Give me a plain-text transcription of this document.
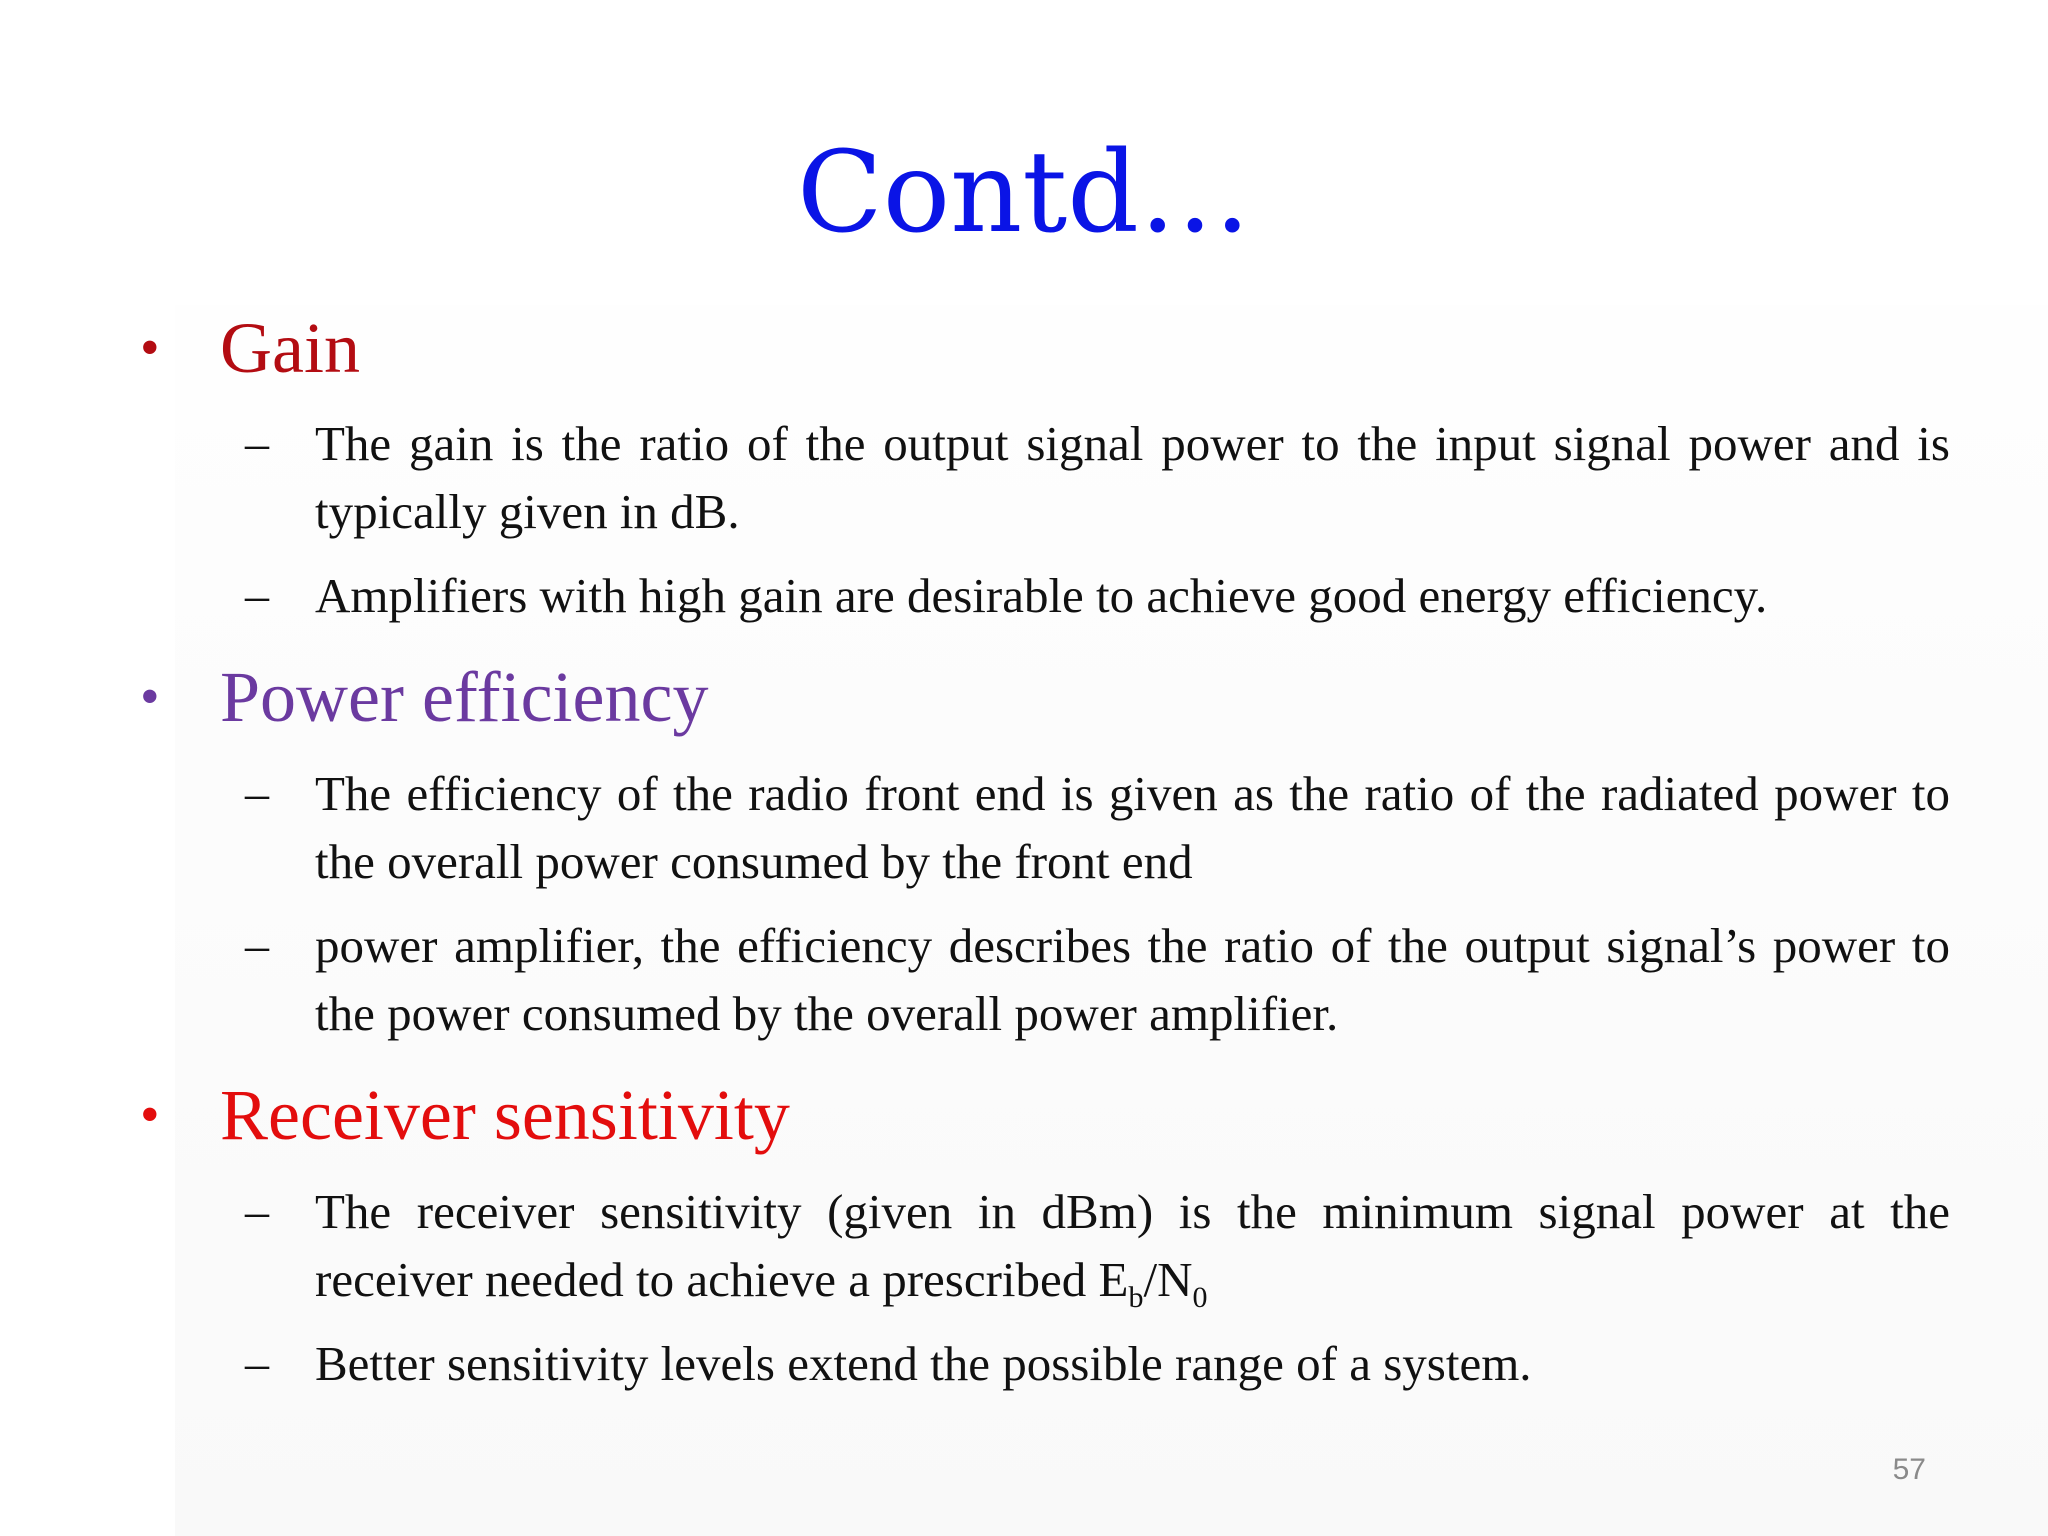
Contd…
• Gain
– The gain is the ratio of the output signal power to the input signal power and is typically given in dB.
– Amplifiers with high gain are desirable to achieve good energy efficiency.
• Power efficiency
– The efficiency of the radio front end is given as the ratio of the radiated power to the overall power consumed by the front end
– power amplifier, the efficiency describes the ratio of the output signal’s power to the power consumed by the overall power amplifier.
• Receiver sensitivity
– The receiver sensitivity (given in dBm) is the minimum signal power at the receiver needed to achieve a prescribed $E_b/N_0$
– Better sensitivity levels extend the possible range of a system.
57
